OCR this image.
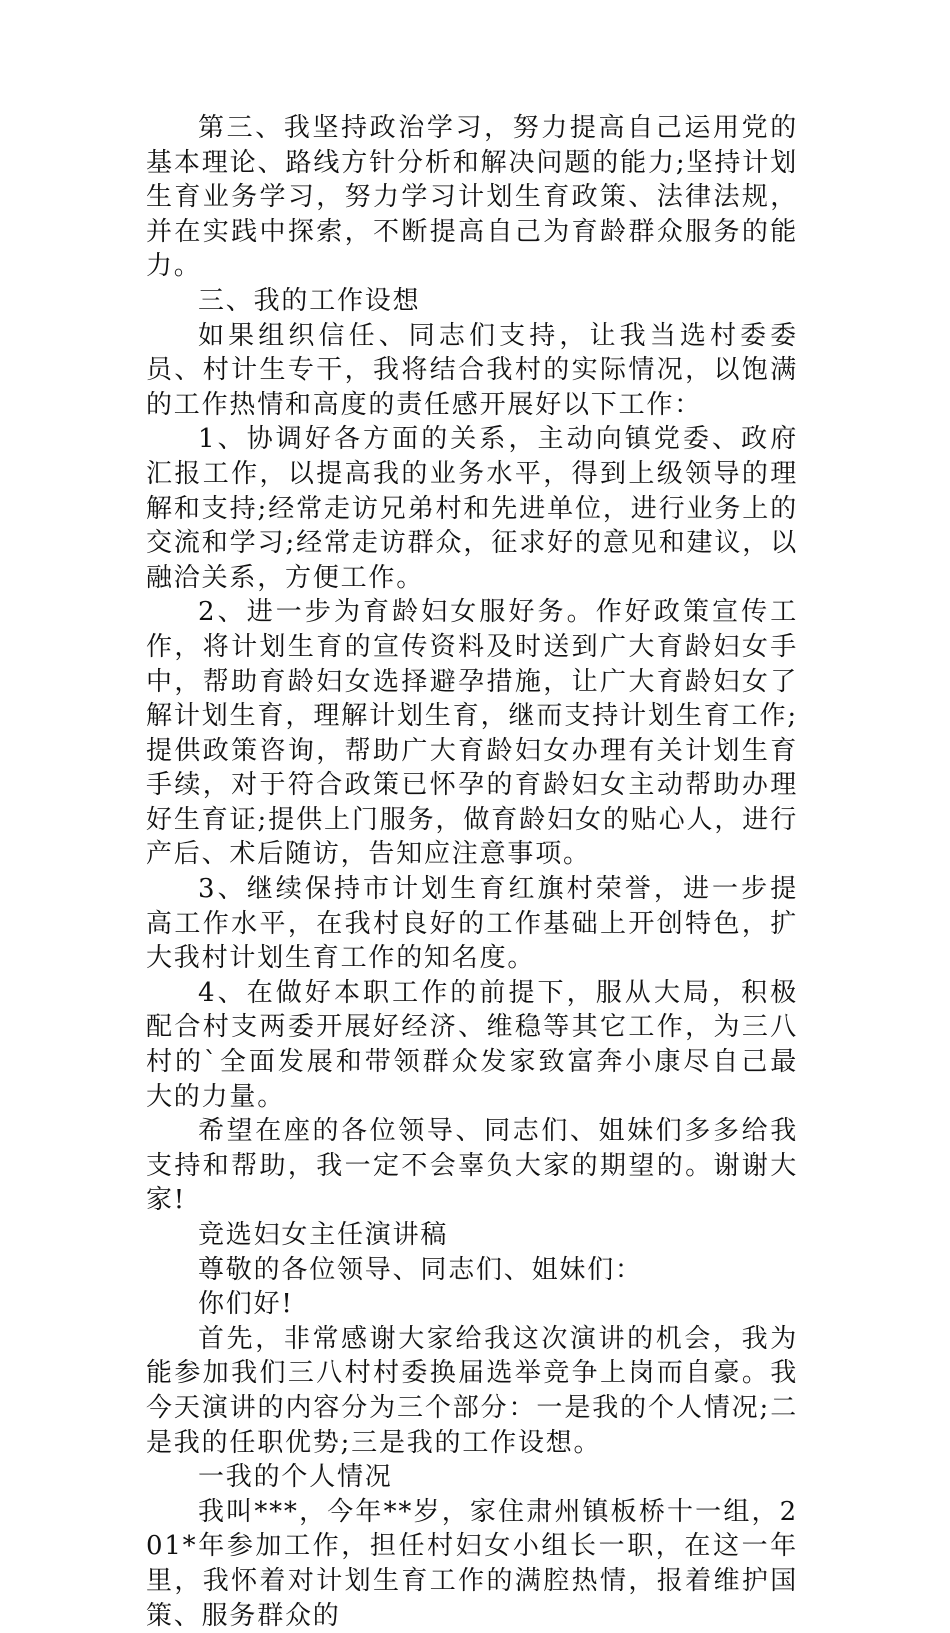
第三、我坚持政治学习，努力提高自己运用党的基本理论、路线方针分析和解决问题的能力;坚持计划生育业务学习，努力学习计划生育政策、法律法规，并在实践中探索，不断提高自己为育龄群众服务的能力。

三、我的工作设想

如果组织信任、同志们支持，让我当选村委委员、村计生专干，我将结合我村的实际情况，以饱满的工作热情和高度的责任感开展好以下工作：

1、协调好各方面的关系，主动向镇党委、政府汇报工作，以提高我的业务水平，得到上级领导的理解和支持;经常走访兄弟村和先进单位，进行业务上的交流和学习;经常走访群众，征求好的意见和建议，以融洽关系，方便工作。

2、进一步为育龄妇女服好务。作好政策宣传工作，将计划生育的宣传资料及时送到广大育龄妇女手中，帮助育龄妇女选择避孕措施，让广大育龄妇女了解计划生育，理解计划生育，继而支持计划生育工作;提供政策咨询，帮助广大育龄妇女办理有关计划生育手续，对于符合政策已怀孕的育龄妇女主动帮助办理好生育证;提供上门服务，做育龄妇女的贴心人，进行产后、术后随访，告知应注意事项。

3、继续保持市计划生育红旗村荣誉，进一步提高工作水平，在我村良好的工作基础上开创特色，扩大我村计划生育工作的知名度。

4、在做好本职工作的前提下，服从大局，积极配合村支两委开展好经济、维稳等其它工作，为三八村的`全面发展和带领群众发家致富奔小康尽自己最大的力量。

希望在座的各位领导、同志们、姐妹们多多给我支持和帮助，我一定不会辜负大家的期望的。谢谢大家!

竞选妇女主任演讲稿

尊敬的各位领导、同志们、姐妹们：

你们好!

首先，非常感谢大家给我这次演讲的机会，我为能参加我们三八村村委换届选举竞争上岗而自豪。我今天演讲的内容分为三个部分：一是我的个人情况;二是我的任职优势;三是我的工作设想。

一我的个人情况

我叫***，今年**岁，家住肃州镇板桥十一组，201*年参加工作，担任村妇女小组长一职，在这一年里，我怀着对计划生育工作的满腔热情，报着维护国策、服务群众的
